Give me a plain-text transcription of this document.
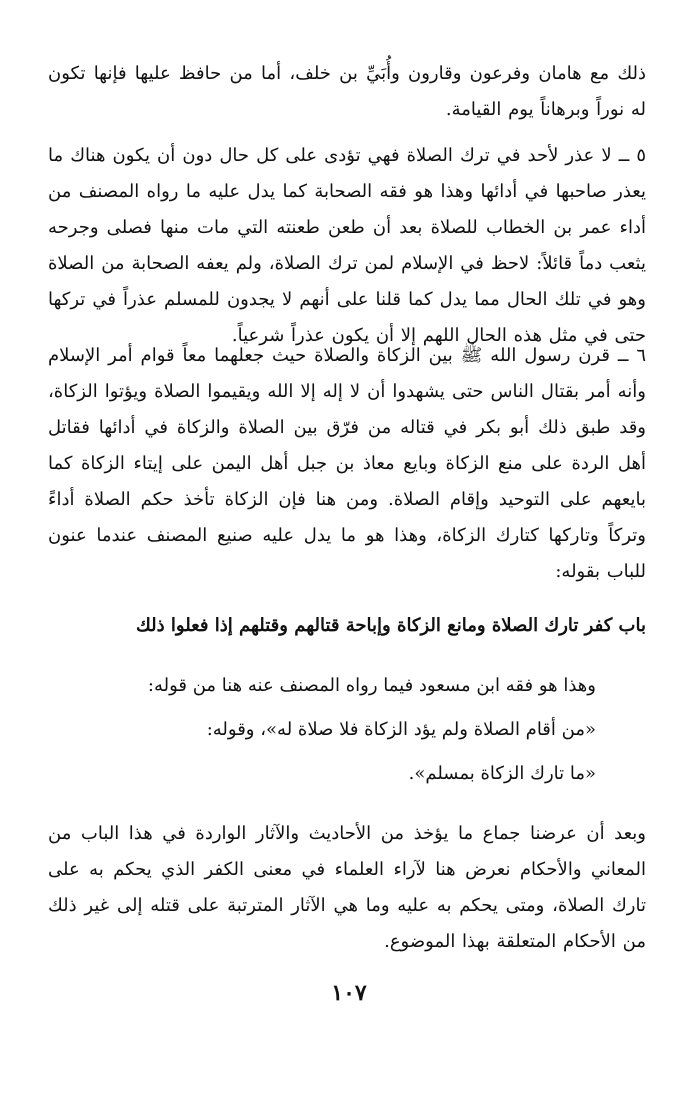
ذلك مع هامان وفرعون وقارون وأُبَيِّ بن خلف، أما من حافظ عليها فإنها تكون له نوراً وبرهاناً يوم القيامة.
٥ ــ لا عذر لأحد في ترك الصلاة فهي تؤدى على كل حال دون أن يكون هناك ما يعذر صاحبها في أدائها وهذا هو فقه الصحابة كما يدل عليه ما رواه المصنف من أداء عمر بن الخطاب للصلاة بعد أن طعن طعنته التي مات منها فصلى وجرحه يثعب دماً قائلاً: لاحظ في الإسلام لمن ترك الصلاة، ولم يعفه الصحابة من الصلاة وهو في تلك الحال مما يدل كما قلنا على أنهم لا يجدون للمسلم عذراً في تركها حتى في مثل هذه الحال اللهم إلا أن يكون عذراً شرعياً.
٦ ــ قرن رسول الله ﷺ بين الزكاة والصلاة حيث جعلهما معاً قوام أمر الإسلام وأنه أمر بقتال الناس حتى يشهدوا أن لا إله إلا الله ويقيموا الصلاة ويؤتوا الزكاة، وقد طبق ذلك أبو بكر في قتاله من فرّق بين الصلاة والزكاة في أدائها فقاتل أهل الردة على منع الزكاة وبايع معاذ بن جبل أهل اليمن على إيتاء الزكاة كما بايعهم على التوحيد وإقام الصلاة. ومن هنا فإن الزكاة تأخذ حكم الصلاة أداءً وتركاً وتاركها كتارك الزكاة، وهذا هو ما يدل عليه صنيع المصنف عندما عنون للباب بقوله:
باب كفر تارك الصلاة ومانع الزكاة وإباحة قتالهم وقتلهم إذا فعلوا ذلك
وهذا هو فقه ابن مسعود فيما رواه المصنف عنه هنا من قوله:
«من أقام الصلاة ولم يؤد الزكاة فلا صلاة له»، وقوله:
«ما تارك الزكاة بمسلم».
وبعد أن عرضنا جماع ما يؤخذ من الأحاديث والآثار الواردة في هذا الباب من المعاني والأحكام نعرض هنا لآراء العلماء في معنى الكفر الذي يحكم به على تارك الصلاة، ومتى يحكم به عليه وما هي الآثار المترتبة على قتله إلى غير ذلك من الأحكام المتعلقة بهذا الموضوع.
١٠٧
